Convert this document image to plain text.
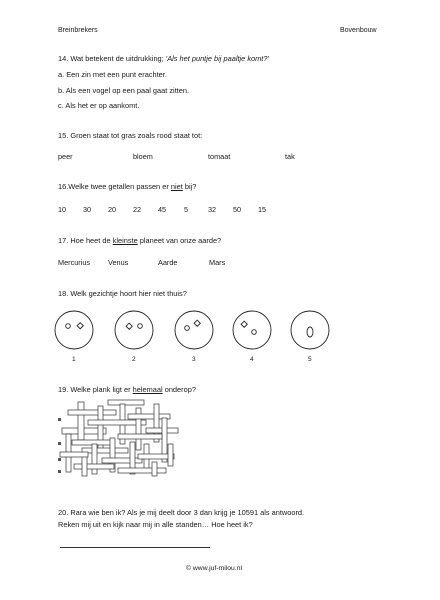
Breinbrekers	Bovenbouw
14. Wat betekent de uitdrukking; 'Als het puntje bij paaltje komt?'
a. Een zin met een punt erachter.
b. Als een vogel op een paal gaat zitten.
c. Als het er op aankomt.
15. Groen staat tot gras zoals rood staat tot:
peer	bloem	tomaat	tak
16.Welke twee getallen passen er niet bij?
10 30 20 22 45 5	32 50 15
17. Hoe heet de kleinste planeet van onze aarde?
Mercurius Venus	Aarde	Mars
18. Welk gezichtje hoort hier niet thuis?
1	2	3	4	5
19. Welke plank ligt er helemaal onderop?
20. Rara wie ben ik? Als je mij deelt door 3 dan krijg je 10591 als antwoord.
Reken mij uit en kijk naar mij in alle standen… Hoe heet ik?
© www.juf-milou.nl
